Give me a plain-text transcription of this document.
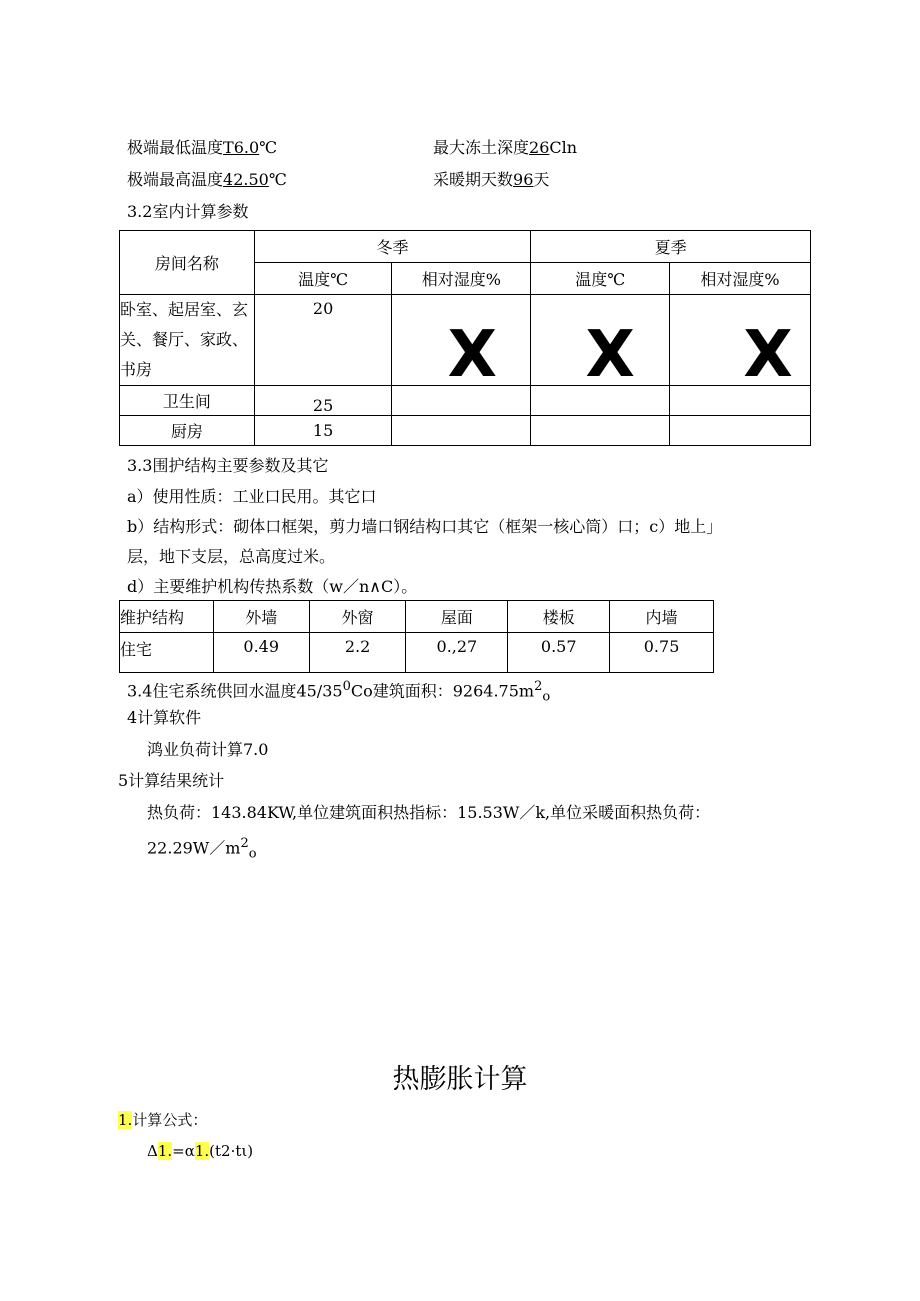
极端最低温度T6.0℃	最大冻土深度26Cln
极端最高温度42.50℃	采暖期天数96天
3.2室内计算参数
房间名称	冬季		夏季	
	温度℃	相对湿度%	温度℃	相对湿度%
卧室、起居室、玄关、餐厅、家政、书房	20	X	X	X

卫生间	25			
厨房	15			
3.3围护结构主要参数及其它
a）使用性质：工业口民用。其它口
b）结构形式：砌体口框架，剪力墙口钢结构口其它（框架一核心筒）口；c）地上」
层，地下支层，总高度过米。
d）主要维护机构传热系数（w／n∧C）。
维护结构	外墙	外窗	屋面	楼板	内墙
住宅	0.49	2.2	0.,27	0.57	0.75
3.4住宅系统供回水温度$45/35^0Co$建筑面积：$9264.75m^2_o$
4计算软件
鸿业负荷计算7.0
5计算结果统计
热负荷：143.84KW,单位建筑面积热指标：15.53W／k,单位采暖面积热负荷：
$22.29W/m^2_o$
热膨胀计算
1.计算公式：
Δ1.=α1.(t2·tι)
